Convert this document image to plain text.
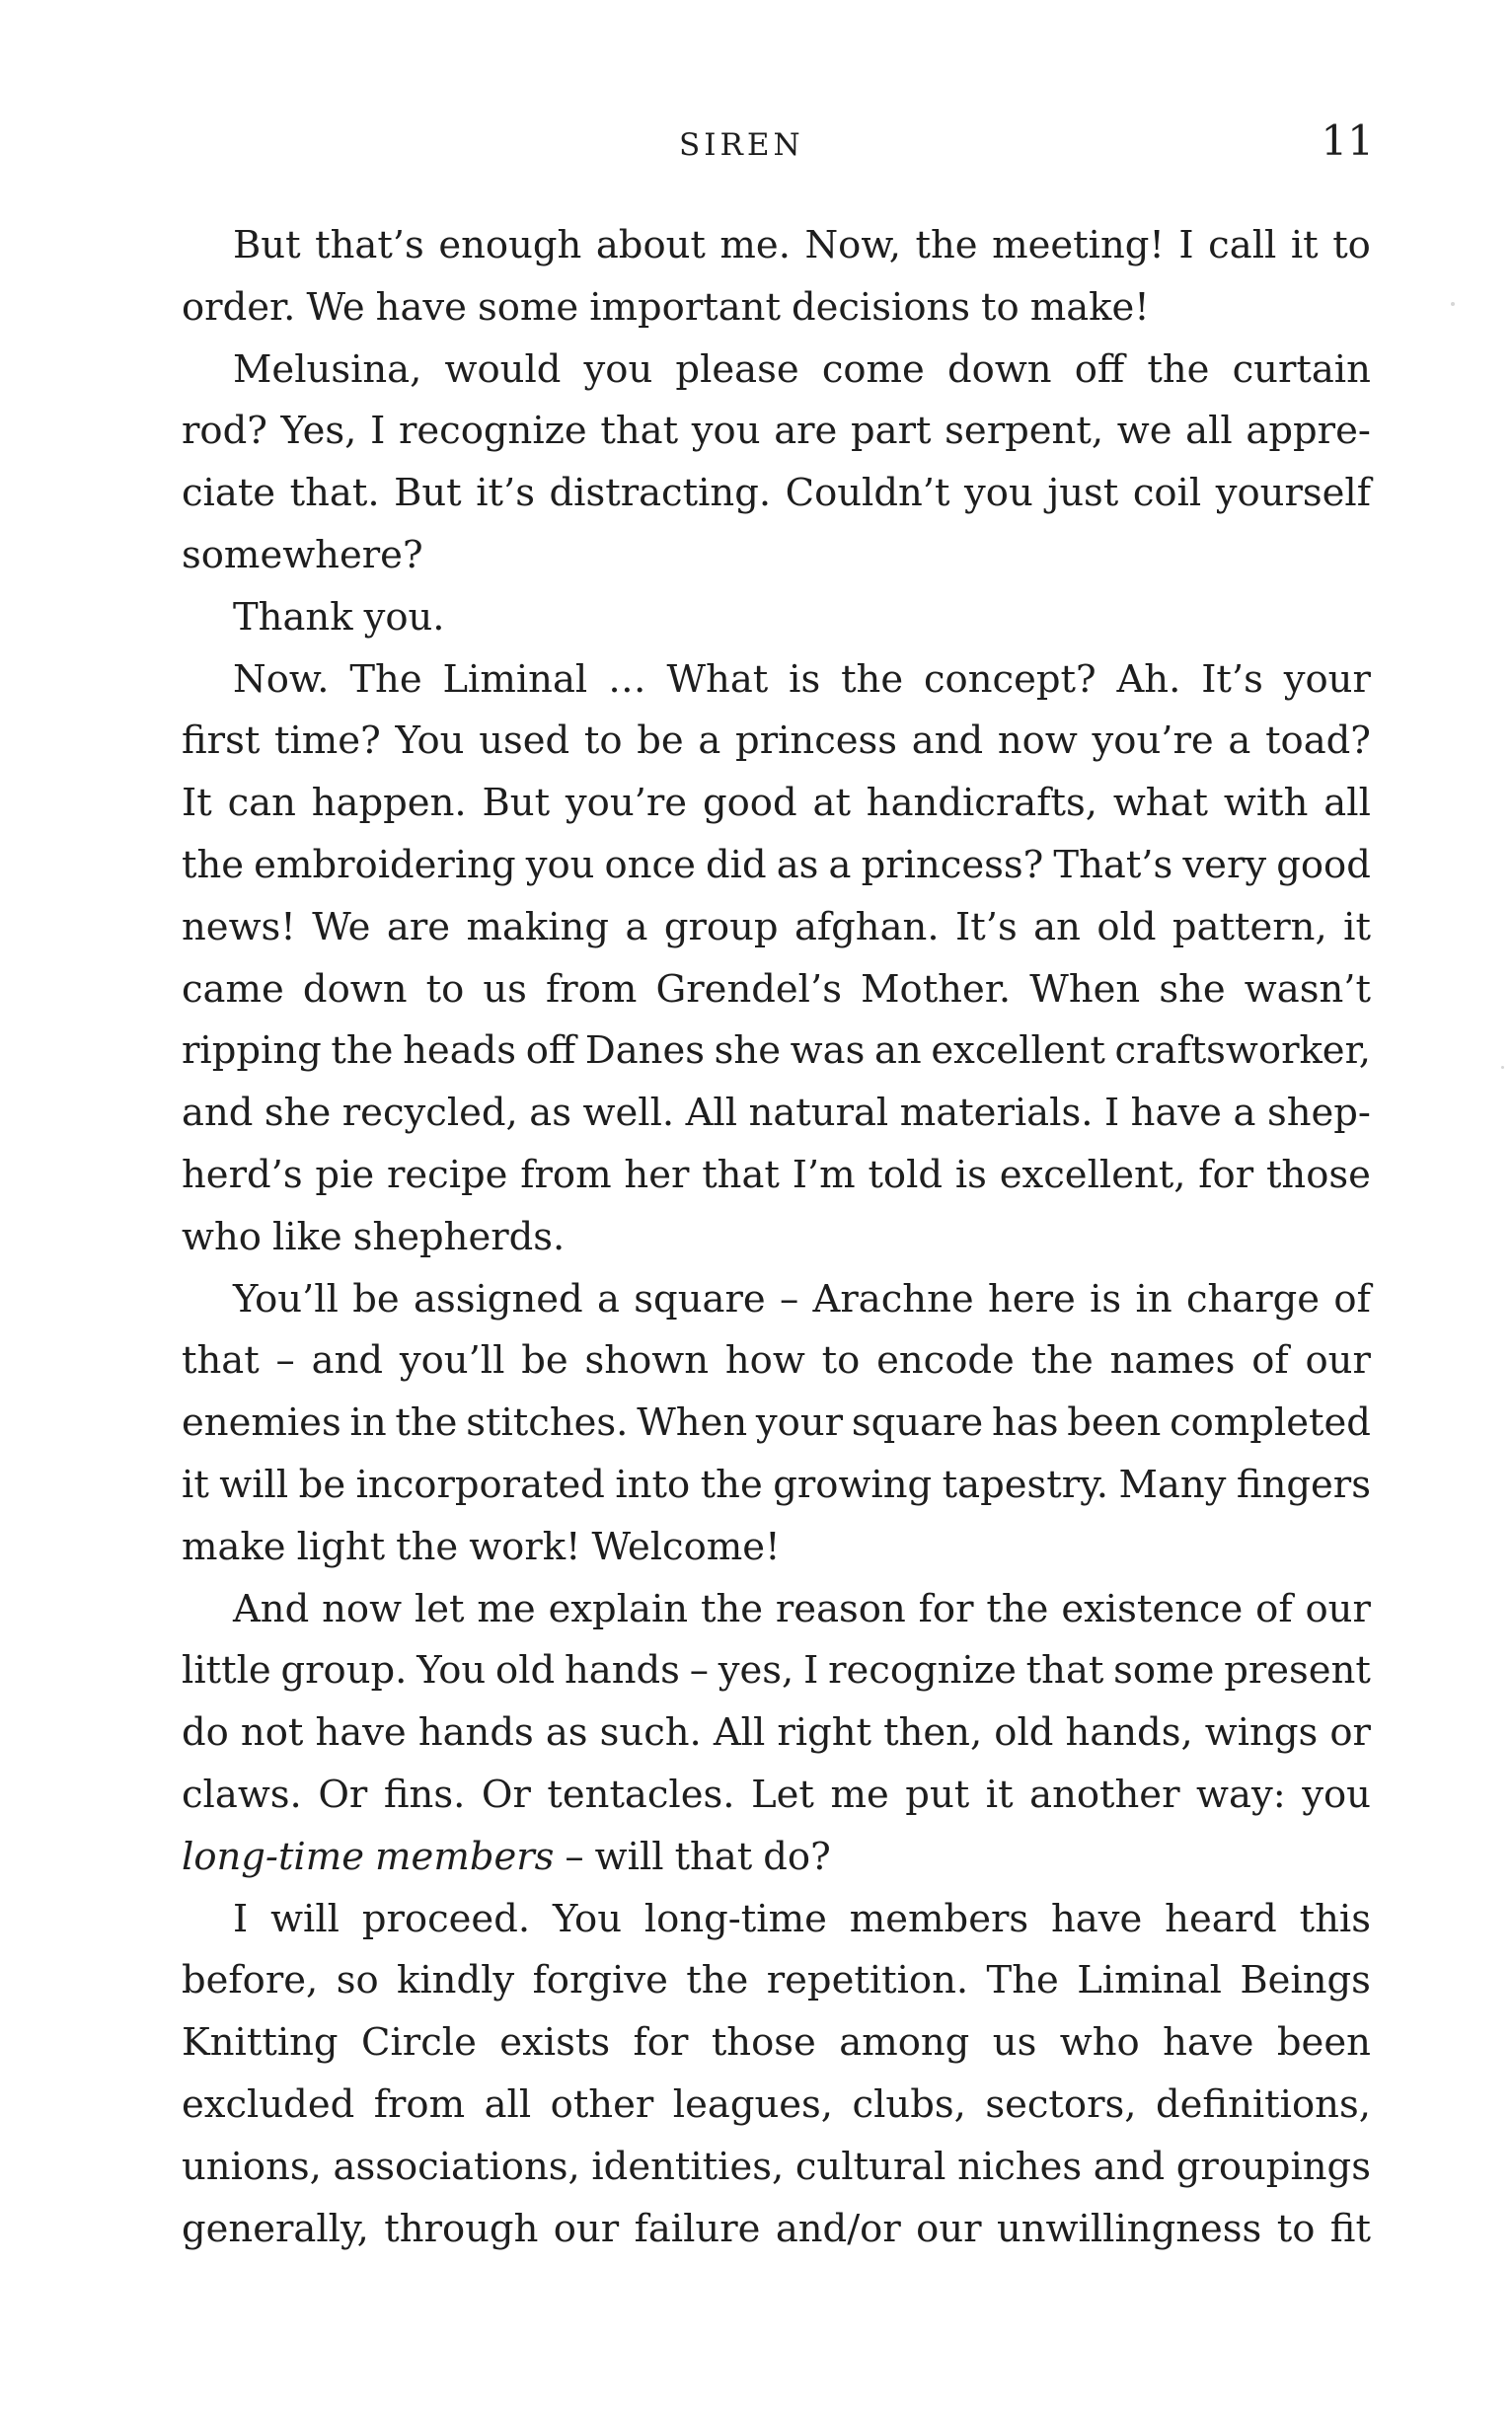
SIREN	11
But that’s enough about me. Now, the meeting! I call it to
order. We have some important decisions to make!
Melusina, would you please come down off the curtain
rod? Yes, I recognize that you are part serpent, we all appre-
ciate that. But it’s distracting. Couldn’t you just coil yourself
somewhere?
Thank you.
Now. The Liminal … What is the concept? Ah. It’s your
first time? You used to be a princess and now you’re a toad?
It can happen. But you’re good at handicrafts, what with all
the embroidering you once did as a princess? That’s very good
news! We are making a group afghan. It’s an old pattern, it
came down to us from Grendel’s Mother. When she wasn’t
ripping the heads off Danes she was an excellent craftsworker,
and she recycled, as well. All natural materials. I have a shep-
herd’s pie recipe from her that I’m told is excellent, for those
who like shepherds.
You’ll be assigned a square – Arachne here is in charge of
that – and you’ll be shown how to encode the names of our
enemies in the stitches. When your square has been completed
it will be incorporated into the growing tapestry. Many fingers
make light the work! Welcome!
And now let me explain the reason for the existence of our
little group. You old hands – yes, I recognize that some present
do not have hands as such. All right then, old hands, wings or
claws. Or fins. Or tentacles. Let me put it another way: you
long-time members – will that do?
I will proceed. You long-time members have heard this
before, so kindly forgive the repetition. The Liminal Beings
Knitting Circle exists for those among us who have been
excluded from all other leagues, clubs, sectors, definitions,
unions, associations, identities, cultural niches and groupings
generally, through our failure and/or our unwillingness to fit
